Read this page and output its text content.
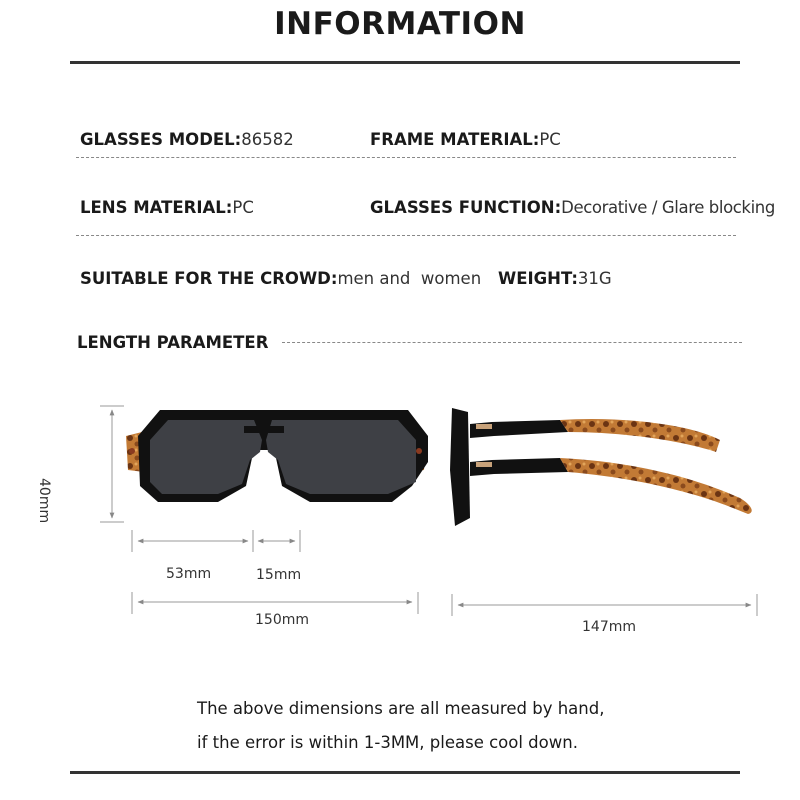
INFORMATION
GLASSES MODEL:86582	FRAME MATERIAL:PC
LENS MATERIAL:PC	GLASSES FUNCTION:Decorative / Glare blocking
SUITABLE FOR THE CROWD:men and  women WEIGHT:31G
LENGTH PARAMETER
40mm
53mm	15mm
150mm	147mm
The above dimensions are all measured by hand,
if the error is within 1-3MM, please cool down.
